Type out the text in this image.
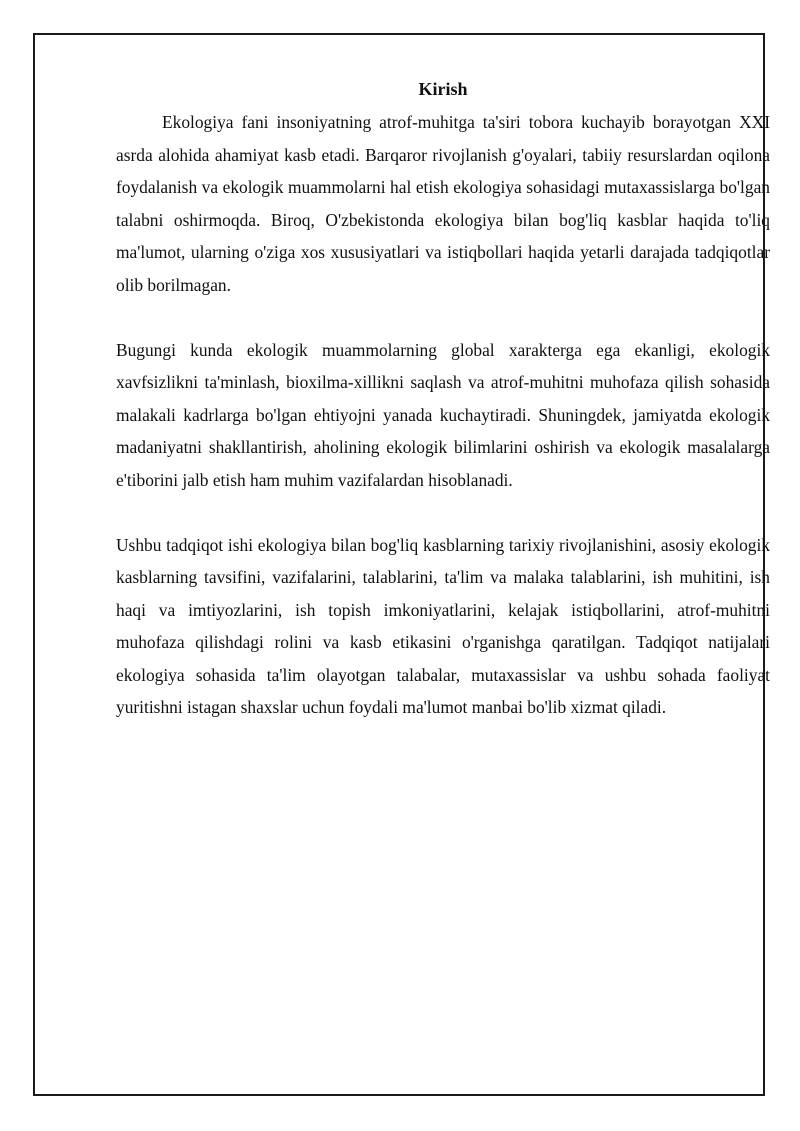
Kirish

Ekologiya fani insoniyatning atrof-muhitga ta'siri tobora kuchayib borayotgan XXI asrda alohida ahamiyat kasb etadi. Barqaror rivojlanish g'oyalari, tabiiy resurslardan oqilona foydalanish va ekologik muammolarni hal etish ekologiya sohasidagi mutaxassislarga bo'lgan talabni oshirmoqda. Biroq, O'zbekistonda ekologiya bilan bog'liq kasblar haqida to'liq ma'lumot, ularning o'ziga xos xususiyatlari va istiqbollari haqida yetarli darajada tadqiqotlar olib borilmagan.

Bugungi kunda ekologik muammolarning global xarakterga ega ekanligi, ekologik xavfsizlikni ta'minlash, bioxilma-xillikni saqlash va atrof-muhitni muhofaza qilish sohasida malakali kadrlarga bo'lgan ehtiyojni yanada kuchaytiradi. Shuningdek, jamiyatda ekologik madaniyatni shakllantirish, aholining ekologik bilimlarini oshirish va ekologik masalalarga e'tiborini jalb etish ham muhim vazifalardan hisoblanadi.

Ushbu tadqiqot ishi ekologiya bilan bog'liq kasblarning tarixiy rivojlanishini, asosiy ekologik kasblarning tavsifini, vazifalarini, talablarini, ta'lim va malaka talablarini, ish muhitini, ish haqi va imtiyozlarini, ish topish imkoniyatlarini, kelajak istiqbollarini, atrof-muhitni muhofaza qilishdagi rolini va kasb etikasini o'rganishga qaratilgan. Tadqiqot natijalari ekologiya sohasida ta'lim olayotgan talabalar, mutaxassislar va ushbu sohada faoliyat yuritishni istagan shaxslar uchun foydali ma'lumot manbai bo'lib xizmat qiladi.
